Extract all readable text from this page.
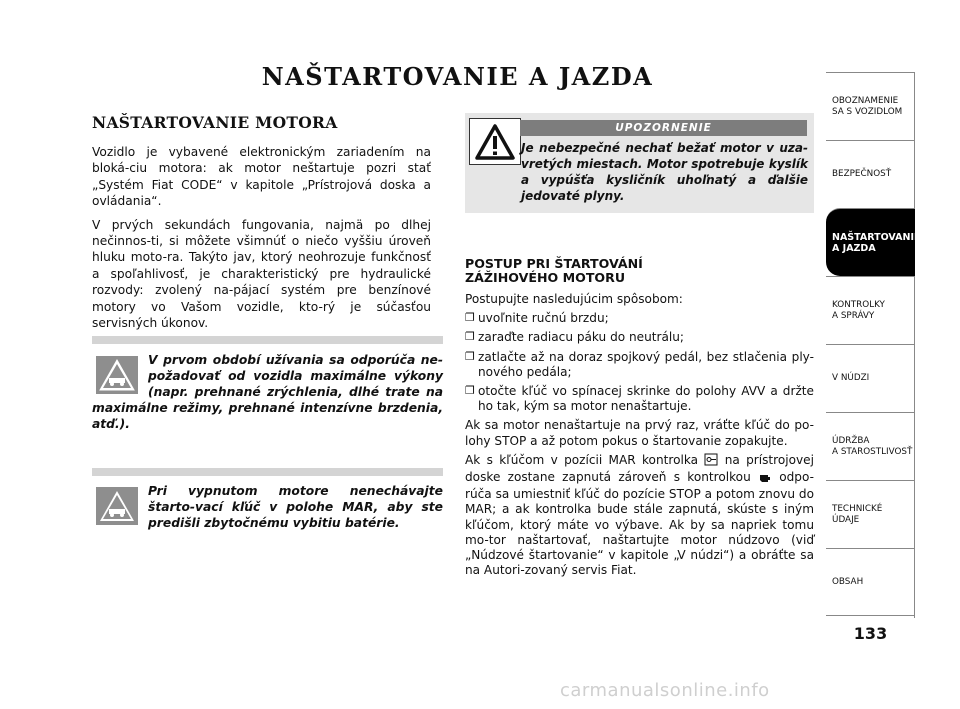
NAŠTARTOVANIE A JAZDA
NAŠTARTOVANIE MOTORA

Vozidlo je vybavené elektronickým zariadením na bloká-ciu motora: ak motor neštartuje pozri stať „Systém Fiat CODE“ v kapitole „Prístrojová doska a ovládania“.

V prvých sekundách fungovania, najmä po dlhej nečinnos-ti, si môžete všimnúť o niečo vyššiu úroveň hluku moto-ra. Takýto jav, ktorý neohrozuje funkčnosť a spoľahlivosť, je charakteristický pre hydraulické rozvody: zvolený na-pájací systém pre benzínové motory vo Vašom vozidle, kto-rý je súčasťou servisných úkonov.

V prvom období užívania sa odporúča ne-požadovať od vozidla maximálne výkony (napr. prehnané zrýchlenia, dlhé trate na maximálne režimy, prehnané intenzívne brzdenia, atď.).
Pri vypnutom motore nenechávajte štarto-vací kľúč v polohe MAR, aby ste predišli zbytočnému vybitiu batérie.
UPOZORNENIE
Je nebezpečné nechať bežať motor v uza-vretých miestach. Motor spotrebuje kyslík a vypúšťa kysličník uhoľnatý a ďalšie jedovaté plyny.
POSTUP PRI ŠTARTOVÁNÍ
ZÁŽIHOVÉHO MOTORU

Postupujte nasledujúcim spôsobom:

❐ uvoľnite ručnú brzdu;
❐ zaraďte radiacu páku do neutrálu;
❐ zatlačte až na doraz spojkový pedál, bez stlačenia ply-nového pedála;
❐ otočte kľúč vo spínacej skrinke do polohy AVV a držte ho tak, kým sa motor nenaštartuje.

Ak sa motor nenaštartuje na prvý raz, vráťte kľúč do po-lohy STOP a až potom pokus o štartovanie zopakujte.

Ak s kľúčom v pozícii MAR kontrolka na prístrojovej doske zostane zapnutá zároveň s kontrolkou odpo-rúča sa umiestniť kľúč do pozície STOP a potom znovu do MAR; a ak kontrolka bude stále zapnutá, skúste s iným kľúčom, ktorý máte vo výbave. Ak by sa napriek tomu mo-tor naštartovať, naštartujte motor núdzovo (viď „Núdzové štartovanie“ v kapitole „V núdzi“) a obráťte sa na Autori-zovaný servis Fiat.

OBOZNAMENIE
SA S VOZIDLOM
BEZPEČNOSŤ
NAŠTARTOVANIE
A JAZDA
KONTROLKY
A SPRÁVY
V NÚDZI
ÚDRŽBA
A STAROSTLIVOSŤ
TECHNICKÉ
ÚDAJE
OBSAH
133
carmanualsonline.info
